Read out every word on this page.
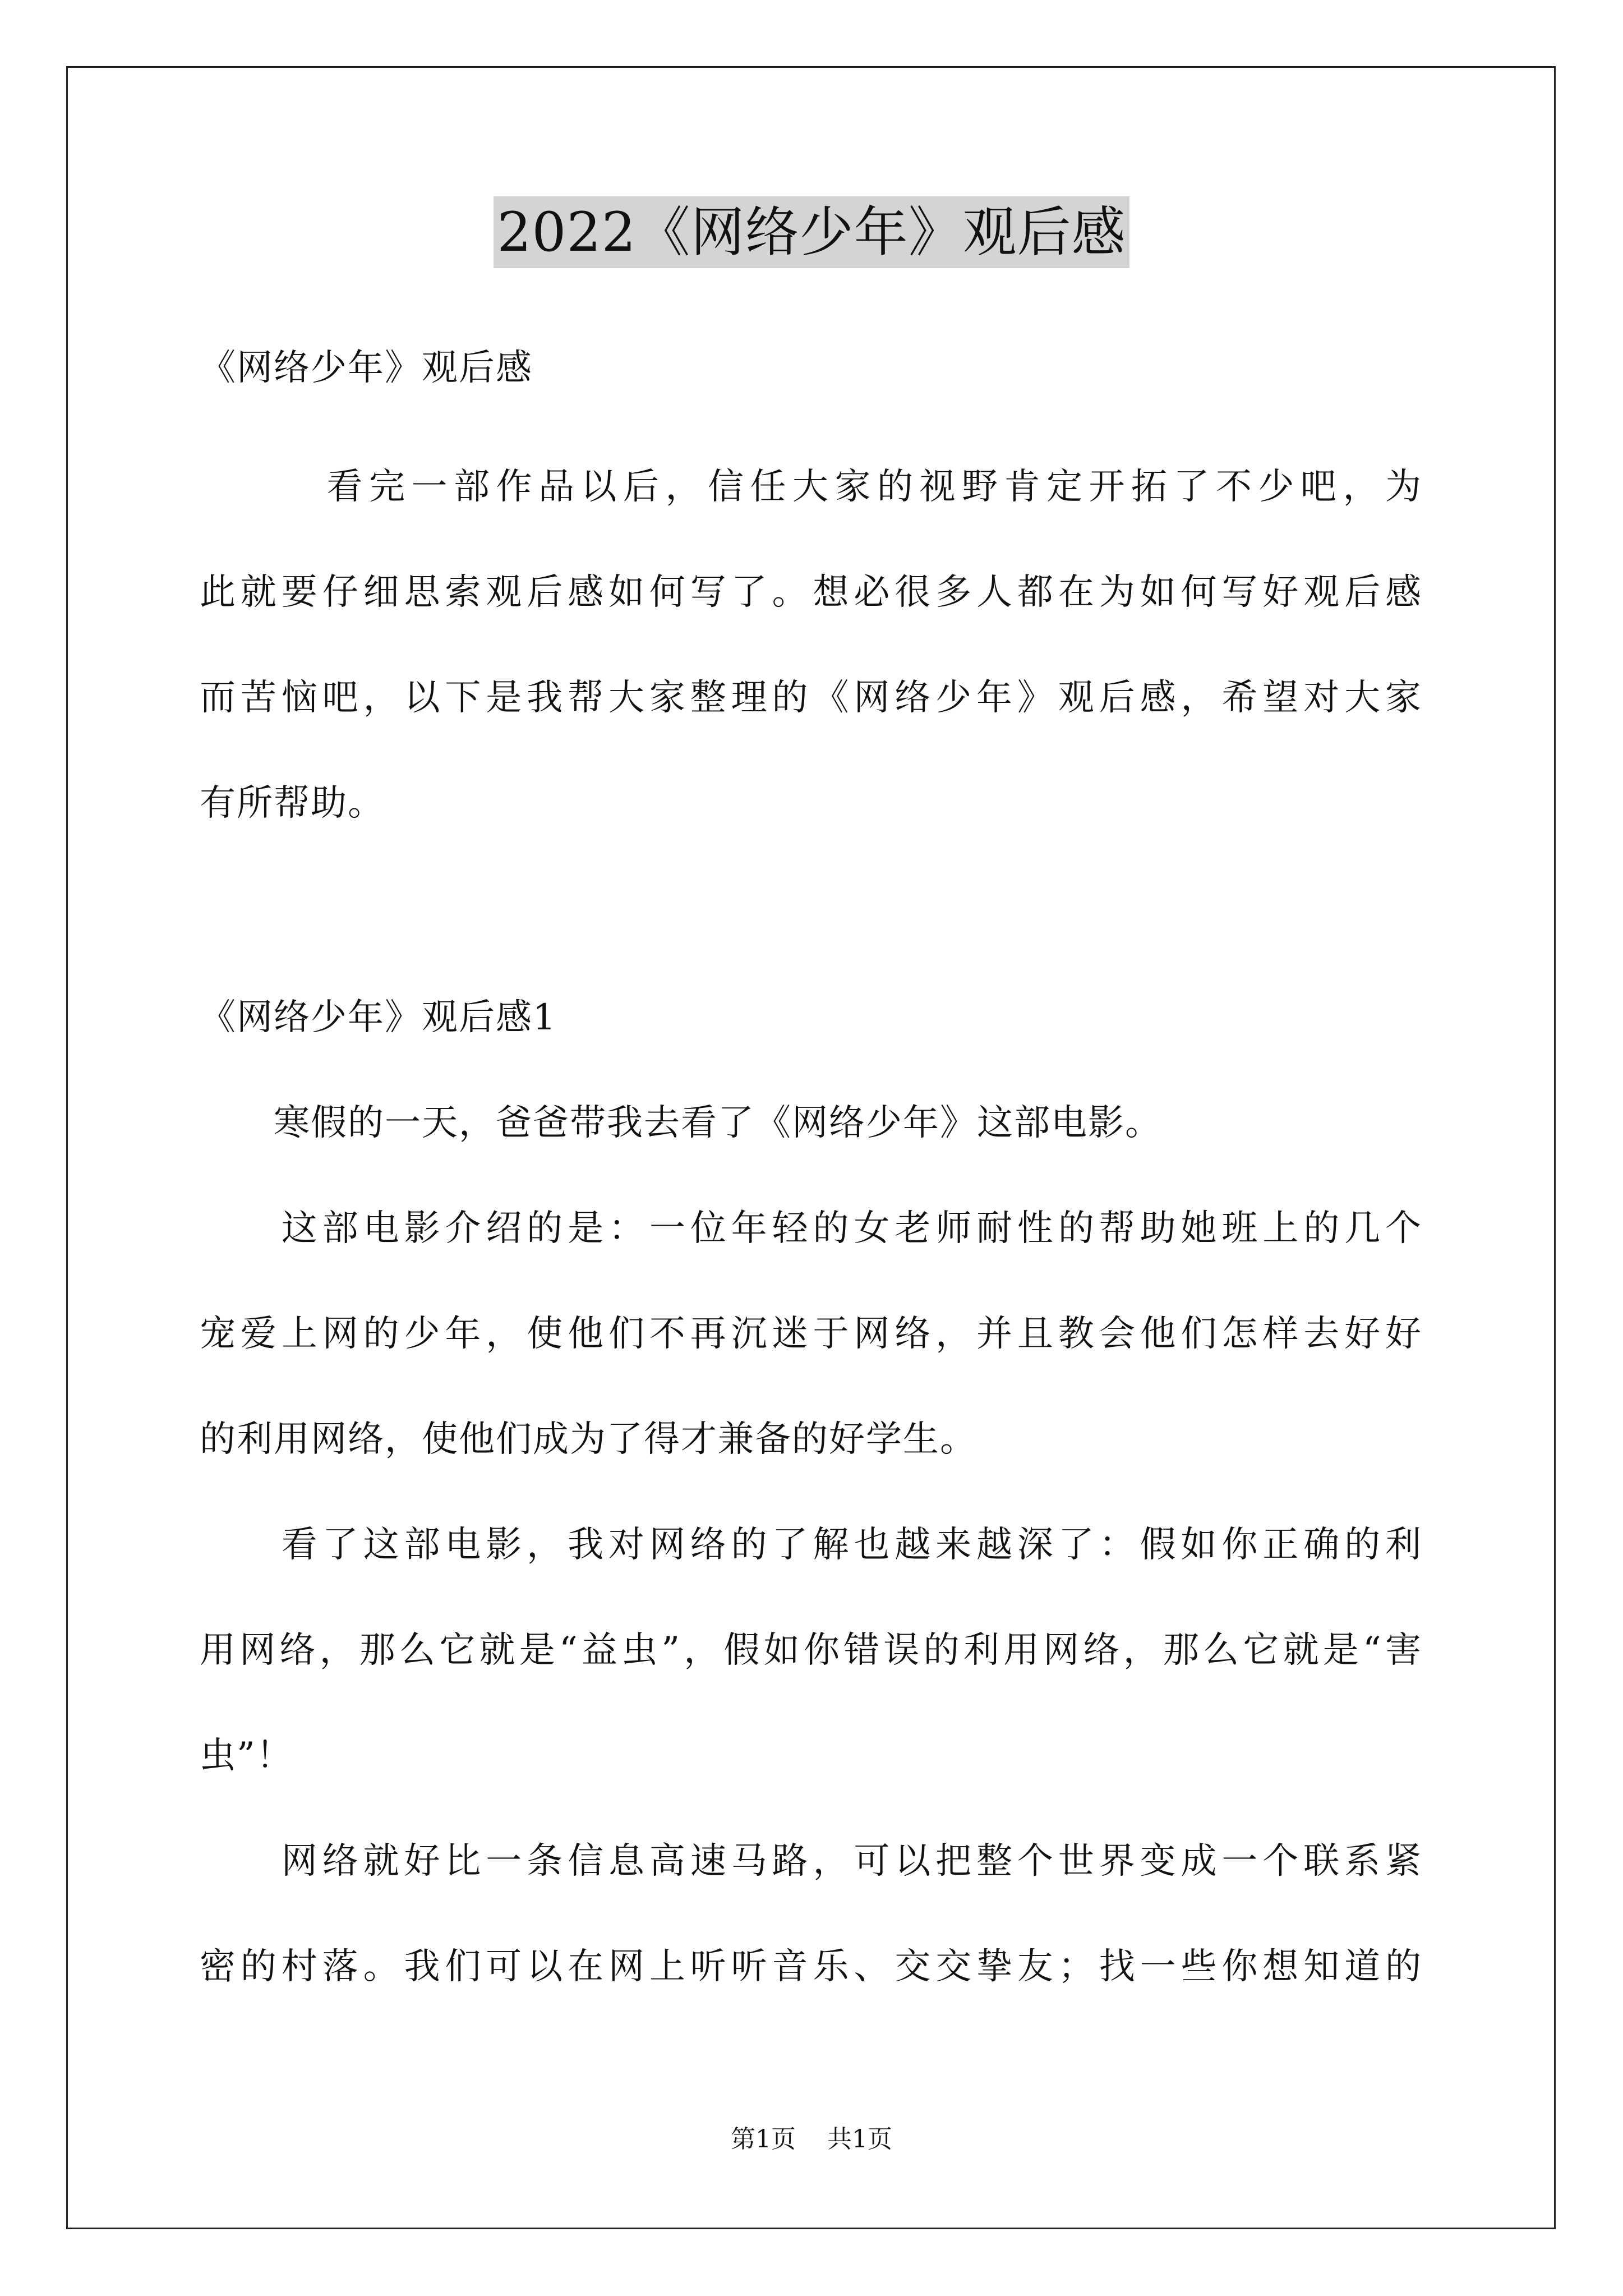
2022《网络少年》观后感
《网络少年》观后感
　　　看完一部作品以后，信任大家的视野肯定开拓了不少吧，为
此就要仔细思索观后感如何写了。想必很多人都在为如何写好观后感
而苦恼吧，以下是我帮大家整理的《网络少年》观后感，希望对大家
有所帮助。
《网络少年》观后感1
　　寒假的一天，爸爸带我去看了《网络少年》这部电影。
　　这部电影介绍的是：一位年轻的女老师耐性的帮助她班上的几个
宠爱上网的少年，使他们不再沉迷于网络，并且教会他们怎样去好好
的利用网络，使他们成为了得才兼备的好学生。
　　看了这部电影，我对网络的了解也越来越深了：假如你正确的利
用网络，那么它就是“益虫”，假如你错误的利用网络，那么它就是“害
虫”！
　　网络就好比一条信息高速马路，可以把整个世界变成一个联系紧
密的村落。我们可以在网上听听音乐、交交挚友；找一些你想知道的
第1页 共1页
